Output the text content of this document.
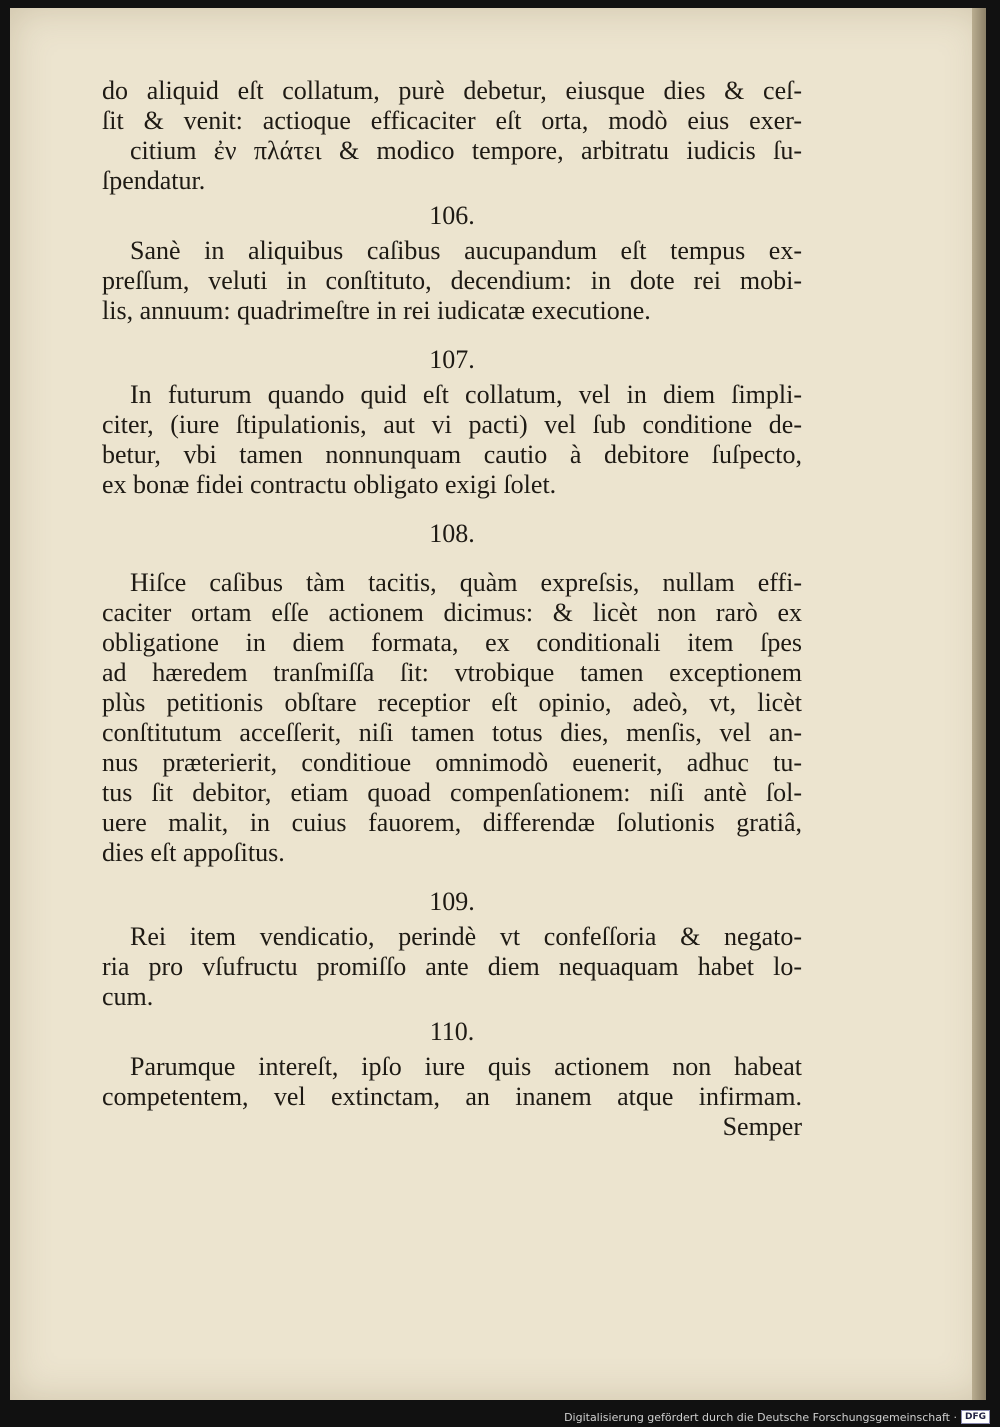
do aliquid eſt collatum, purè debetur, eiusque dies & ceſ-
ſit & venit: actioque efficaciter eſt orta, modò eius exer-
citium ἐν πλάτει & modico tempore, arbitratu iudicis ſu-
ſpendatur.
106.
Sanè in aliquibus caſibus aucupandum eſt tempus ex-
preſſum, veluti in conſtituto, decendium: in dote rei mobi-
lis, annuum: quadrimeſtre in rei iudicatæ executione.
107.
In futurum quando quid eſt collatum, vel in diem ſimpli-
citer, (iure ſtipulationis, aut vi pacti) vel ſub conditione de-
betur, vbi tamen nonnunquam cautio à debitore ſuſpecto,
ex bonæ fidei contractu obligato exigi ſolet.
108.
Hiſce caſibus tàm tacitis, quàm expreſsis, nullam effi-
caciter ortam eſſe actionem dicimus: & licèt non rarò ex
obligatione in diem formata, ex conditionali item ſpes
ad hæredem tranſmiſſa ſit: vtrobique tamen exceptionem
plùs petitionis obſtare receptior eſt opinio, adeò, vt, licèt
conſtitutum acceſſerit, niſi tamen totus dies, menſis, vel an-
nus præterierit, conditioue omnimodò euenerit, adhuc tu-
tus ſit debitor, etiam quoad compenſationem: niſi antè ſol-
uere malit, in cuius fauorem, differendæ ſolutionis gratiâ,
dies eſt appoſitus.
109.
Rei item vendicatio, perindè vt confeſſoria & negato-
ria pro vſufructu promiſſo ante diem nequaquam habet lo-
cum.
110.
Parumque intereſt, ipſo iure quis actionem non habeat
competentem, vel extinctam, an inanem atque infirmam.
Semper
Digitalisierung gefördert durch die Deutsche Forschungsgemeinschaft · DFG
